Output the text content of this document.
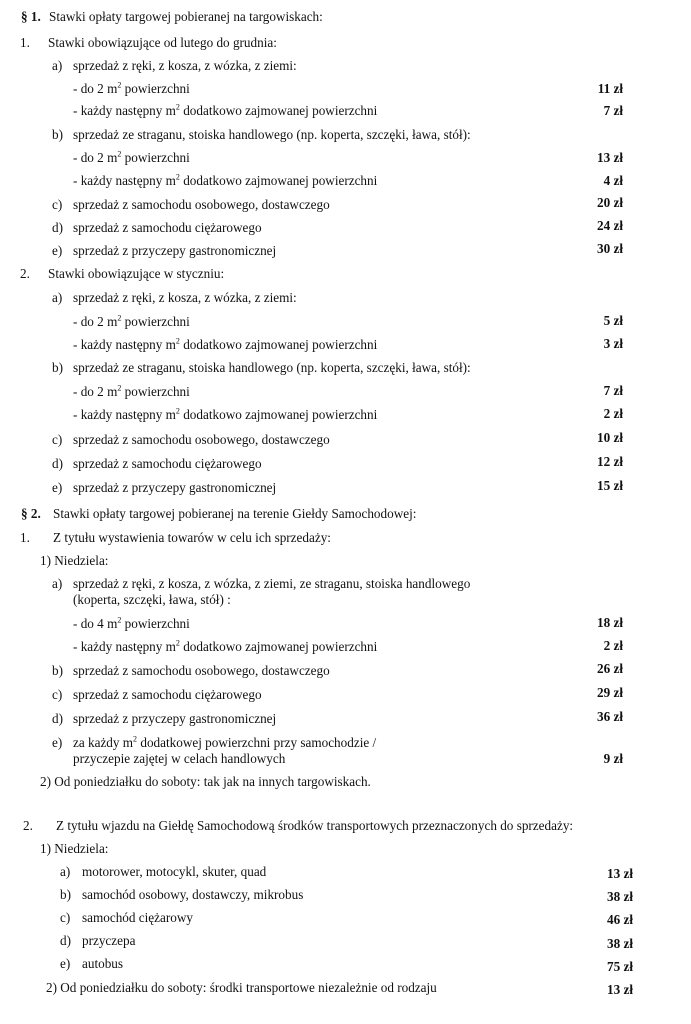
§ 1. Stawki opłaty targowej pobieranej na targowiskach:
1. Stawki obowiązujące od lutego do grudnia:
a) sprzedaż z ręki, z kosza, z wózka, z ziemi:
- do 2 $m^2$ powierzchni	11 zł
- każdy następny $m^2$ dodatkowo zajmowanej powierzchni	7 zł
b) sprzedaż ze straganu, stoiska handlowego (np. koperta, szczęki, ława, stół):
- do 2 $m^2$ powierzchni	13 zł
- każdy następny $m^2$ dodatkowo zajmowanej powierzchni	4 zł
c) sprzedaż z samochodu osobowego, dostawczego	20 zł
d) sprzedaż z samochodu ciężarowego	24 zł
e) sprzedaż z przyczepy gastronomicznej	30 zł
2. Stawki obowiązujące w styczniu:
a) sprzedaż z ręki, z kosza, z wózka, z ziemi:
- do 2 $m^2$ powierzchni	5 zł
- każdy następny $m^2$ dodatkowo zajmowanej powierzchni	3 zł
b) sprzedaż ze straganu, stoiska handlowego (np. koperta, szczęki, ława, stół):
- do 2 $m^2$ powierzchni	7 zł
- każdy następny $m^2$ dodatkowo zajmowanej powierzchni	2 zł
c) sprzedaż z samochodu osobowego, dostawczego	10 zł
d) sprzedaż z samochodu ciężarowego	12 zł
e) sprzedaż z przyczepy gastronomicznej	15 zł
§ 2. Stawki opłaty targowej pobieranej na terenie Giełdy Samochodowej:
1. Z tytułu wystawienia towarów w celu ich sprzedaży:
1) Niedziela:
a) sprzedaż z ręki, z kosza, z wózka, z ziemi, ze straganu, stoiska handlowego
(koperta, szczęki, ława, stół) :
- do 4 $m^2$ powierzchni	18 zł
- każdy następny $m^2$ dodatkowo zajmowanej powierzchni	2 zł
b) sprzedaż z samochodu osobowego, dostawczego	26 zł
c) sprzedaż z samochodu ciężarowego	29 zł
d) sprzedaż z przyczepy gastronomicznej	36 zł
e) za każdy $m^2$ dodatkowej powierzchni przy samochodzie /
przyczepie zajętej w celach handlowych	9 zł
2) Od poniedziałku do soboty: tak jak na innych targowiskach.
2. Z tytułu wjazdu na Giełdę Samochodową środków transportowych przeznaczonych do sprzedaży:
1) Niedziela:
a) motorower, motocykl, skuter, quad	13 zł
b) samochód osobowy, dostawczy, mikrobus	38 zł
c) samochód ciężarowy	46 zł
d) przyczepa	38 zł
e) autobus	75 zł
2) Od poniedziałku do soboty: środki transportowe niezależnie od rodzaju	13 zł
